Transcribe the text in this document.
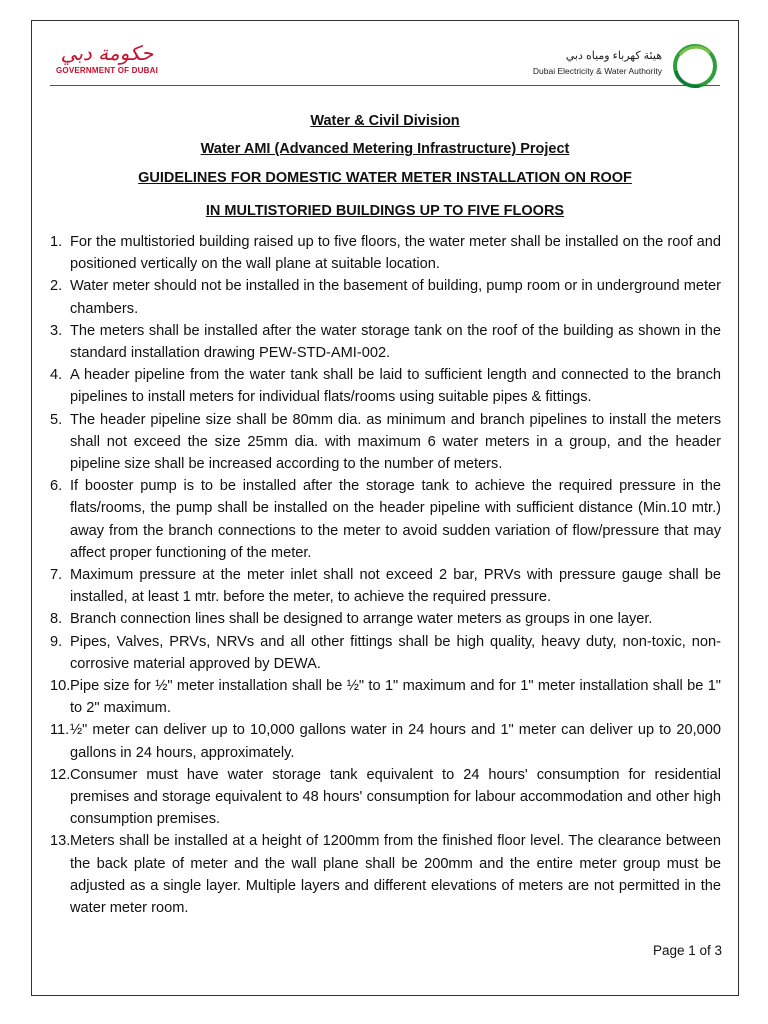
حكومة دبي
GOVERNMENT OF DUBAI
هيئة كهرباء ومياه دبي
Dubai Electricity & Water Authority
Water & Civil Division
Water AMI (Advanced Metering Infrastructure) Project
GUIDELINES FOR DOMESTIC WATER METER INSTALLATION ON ROOF
IN MULTISTORIED BUILDINGS UP TO FIVE FLOORS
1. For the multistoried building raised up to five floors, the water meter shall be installed on the roof and positioned vertically on the wall plane at suitable location.
2. Water meter should not be installed in the basement of building, pump room or in underground meter chambers.
3. The meters shall be installed after the water storage tank on the roof of the building as shown in the standard installation drawing PEW-STD-AMI-002.
4. A header pipeline from the water tank shall be laid to sufficient length and connected to the branch pipelines to install meters for individual flats/rooms using suitable pipes & fittings.
5. The header pipeline size shall be 80mm dia. as minimum and branch pipelines to install the meters shall not exceed the size 25mm dia. with maximum 6 water meters in a group, and the header pipeline size shall be increased according to the number of meters.
6. If booster pump is to be installed after the storage tank to achieve the required pressure in the flats/rooms, the pump shall be installed on the header pipeline with sufficient distance (Min.10 mtr.) away from the branch connections to the meter to avoid sudden variation of flow/pressure that may affect proper functioning of the meter.
7. Maximum pressure at the meter inlet shall not exceed 2 bar, PRVs with pressure gauge shall be installed, at least 1 mtr. before the meter, to achieve the required pressure.
8. Branch connection lines shall be designed to arrange water meters as groups in one layer.
9. Pipes, Valves, PRVs, NRVs and all other fittings shall be high quality, heavy duty, non-toxic, non-corrosive material approved by DEWA.
10. Pipe size for ½" meter installation shall be ½" to 1" maximum and for 1" meter installation shall be 1" to 2" maximum.
11. ½" meter can deliver up to 10,000 gallons water in 24 hours and 1" meter can deliver up to 20,000 gallons in 24 hours, approximately.
12. Consumer must have water storage tank equivalent to 24 hours' consumption for residential premises and storage equivalent to 48 hours' consumption for labour accommodation and other high consumption premises.
13. Meters shall be installed at a height of 1200mm from the finished floor level. The clearance between the back plate of meter and the wall plane shall be 200mm and the entire meter group must be adjusted as a single layer. Multiple layers and different elevations of meters are not permitted in the water meter room.
Page 1 of 3
